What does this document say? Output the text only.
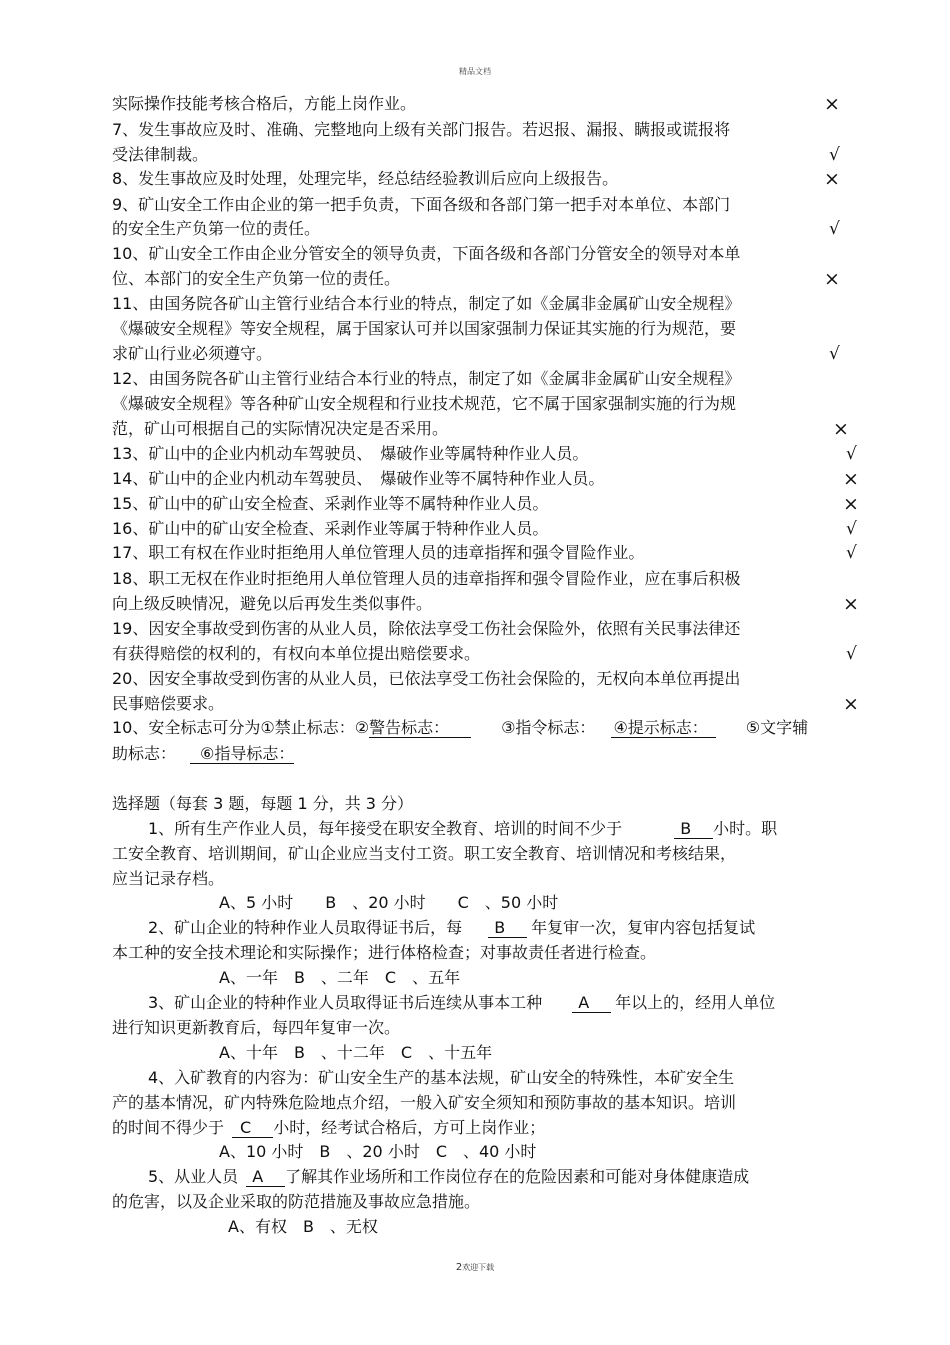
精品文档
实际操作技能考核合格后，方能上岗作业。
7、发生事故应及时、准确、完整地向上级有关部门报告。若迟报、漏报、瞒报或谎报将
受法律制裁。
8、发生事故应及时处理，处理完毕，经总结经验教训后应向上级报告。
9、矿山安全工作由企业的第一把手负责，下面各级和各部门第一把手对本单位、本部门
的安全生产负第一位的责任。
10、矿山安全工作由企业分管安全的领导负责，下面各级和各部门分管安全的领导对本单
位、本部门的安全生产负第一位的责任。
11、由国务院各矿山主管行业结合本行业的特点，制定了如《金属非金属矿山安全规程》
《爆破安全规程》等安全规程，属于国家认可并以国家强制力保证其实施的行为规范，要
求矿山行业必须遵守。
12、由国务院各矿山主管行业结合本行业的特点，制定了如《金属非金属矿山安全规程》
《爆破安全规程》等各种矿山安全规程和行业技术规范，它不属于国家强制实施的行为规
范，矿山可根据自己的实际情况决定是否采用。
13、矿山中的企业内机动车驾驶员、　爆破作业等属特种作业人员。
14、矿山中的企业内机动车驾驶员、　爆破作业等不属特种作业人员。
15、矿山中的矿山安全检查、采剥作业等不属特种作业人员。
16、矿山中的矿山安全检查、采剥作业等属于特种作业人员。
17、职工有权在作业时拒绝用人单位管理人员的违章指挥和强令冒险作业。
18、职工无权在作业时拒绝用人单位管理人员的违章指挥和强令冒险作业，应在事后积极
向上级反映情况，避免以后再发生类似事件。
19、因安全事故受到伤害的从业人员，除依法享受工伤社会保险外，依照有关民事法律还
有获得赔偿的权利的，有权向本单位提出赔偿要求。
20、因安全事故受到伤害的从业人员，已依法享受工伤社会保险的，无权向本单位再提出
民事赔偿要求。
×
√
×
√
×
√
×
√
×
×
√
√
×
√
×
10、安全标志可分为①禁止标志：②警告标志：	③指令标志： ④提示标志： ⑤文字辅
助标志： ⑥指导标志：
选择题（每套 3 题，每题 1 分，共 3 分）
1、所有生产作业人员，每年接受在职安全教育、培训的时间不少于	B 小时。职
工安全教育、培训期间，矿山企业应当支付工资。职工安全教育、培训情况和考核结果，
应当记录存档。
A、5 小时　　B　、20 小时　　C　、50 小时
2、矿山企业的特种作业人员取得证书后，每 B 年复审一次，复审内容包括复试
本工种的安全技术理论和实际操作；进行体格检查；对事故责任者进行检查。
A、一年　B　、二年　C　、五年
3、矿山企业的特种作业人员取得证书后连续从事本工种 A 年以上的，经用人单位
进行知识更新教育后，每四年复审一次。
A、十年　B　、十二年　C　、十五年
4、入矿教育的内容为：矿山安全生产的基本法规，矿山安全的特殊性，本矿安全生
产的基本情况，矿内特殊危险地点介绍，一般入矿安全须知和预防事故的基本知识。培训
的时间不得少于 C 小时，经考试合格后，方可上岗作业；
A、10 小时　B　、20 小时　C　、40 小时
5、从业人员 A 了解其作业场所和工作岗位存在的危险因素和可能对身体健康造成
的危害，以及企业采取的防范措施及事故应急措施。
A、有权　B　、无权
2欢迎下载
